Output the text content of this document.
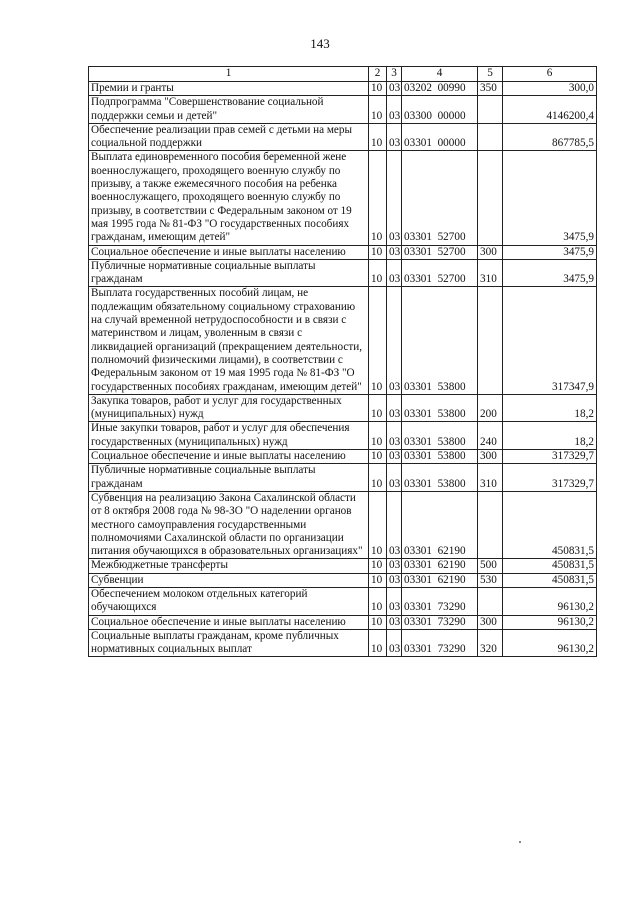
143
1	2	3	4	5	6

Премии и гранты	10	03	03202  00990	350	300,0

Подпрограмма "Совершенствование социальной поддержки семьи и детей"	10	03	03300  00000		4146200,4

Обеспечение реализации прав семей с детьми на меры социальной поддержки	10	03	03301  00000		867785,5

Выплата единовременного пособия беременной жене военнослужащего, проходящего военную службу по призыву, а также ежемесячного пособия на ребенка военнослужащего, проходящего военную службу по призыву, в соответствии с Федеральным законом от 19 мая 1995 года № 81-ФЗ "О государственных пособиях гражданам, имеющим детей"	10	03	03301  52700		3475,9

Социальное обеспечение и иные выплаты населению	10	03	03301  52700	300	3475,9

Публичные нормативные социальные выплаты гражданам	10	03	03301  52700	310	3475,9

Выплата государственных пособий лицам, не подлежащим обязательному социальному страхованию на случай временной нетрудоспособности и в связи с материнством и лицам, уволенным в связи с ликвидацией организаций (прекращением деятельности, полномочий физическими лицами), в соответствии с Федеральным законом от 19 мая 1995 года № 81-ФЗ "О государственных пособиях гражданам, имеющим детей"	10	03	03301  53800		317347,9

Закупка товаров, работ и услуг для государственных (муниципальных) нужд	10	03	03301  53800	200	18,2

Иные закупки товаров, работ и услуг для обеспечения государственных (муниципальных) нужд	10	03	03301  53800	240	18,2

Социальное обеспечение и иные выплаты населению	10	03	03301  53800	300	317329,7

Публичные нормативные социальные выплаты гражданам	10	03	03301  53800	310	317329,7

Субвенция на реализацию Закона Сахалинской области от 8 октября 2008 года № 98-ЗО "О наделении органов местного самоуправления государственными полномочиями Сахалинской области по организации питания обучающихся в образовательных организациях"	10	03	03301  62190		450831,5

Межбюджетные трансферты	10	03	03301  62190	500	450831,5

Субвенции	10	03	03301  62190	530	450831,5

Обеспечением молоком отдельных категорий обучающихся	10	03	03301  73290		96130,2

Социальное обеспечение и иные выплаты населению	10	03	03301  73290	300	96130,2

Социальные выплаты гражданам, кроме публичных нормативных социальных выплат	10	03	03301  73290	320	96130,2
